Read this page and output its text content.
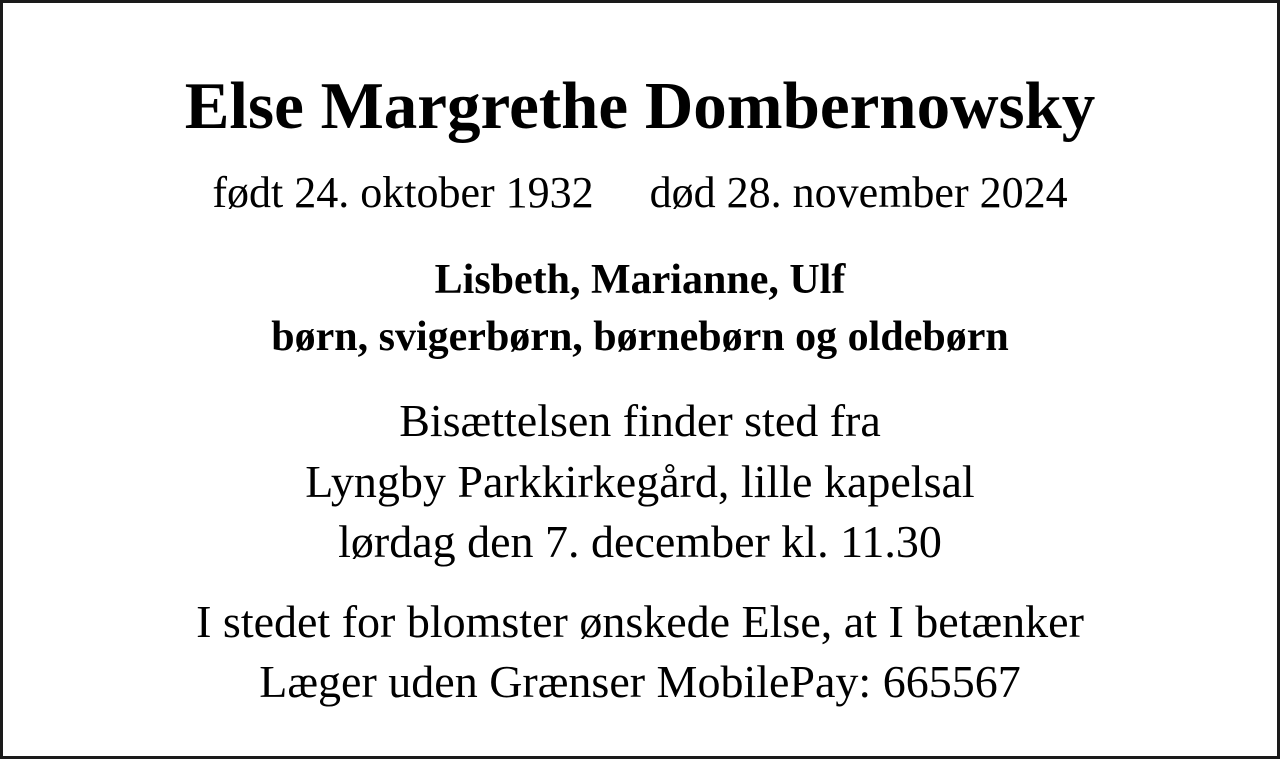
Else Margrethe Dombernowsky
født 24. oktober 1932 død 28. november 2024
Lisbeth, Marianne, Ulf
børn, svigerbørn, børnebørn og oldebørn
Bisættelsen finder sted fra
Lyngby Parkkirkegård, lille kapelsal
lørdag den 7. december kl. 11.30
I stedet for blomster ønskede Else, at I betænker
Læger uden Grænser MobilePay: 665567
